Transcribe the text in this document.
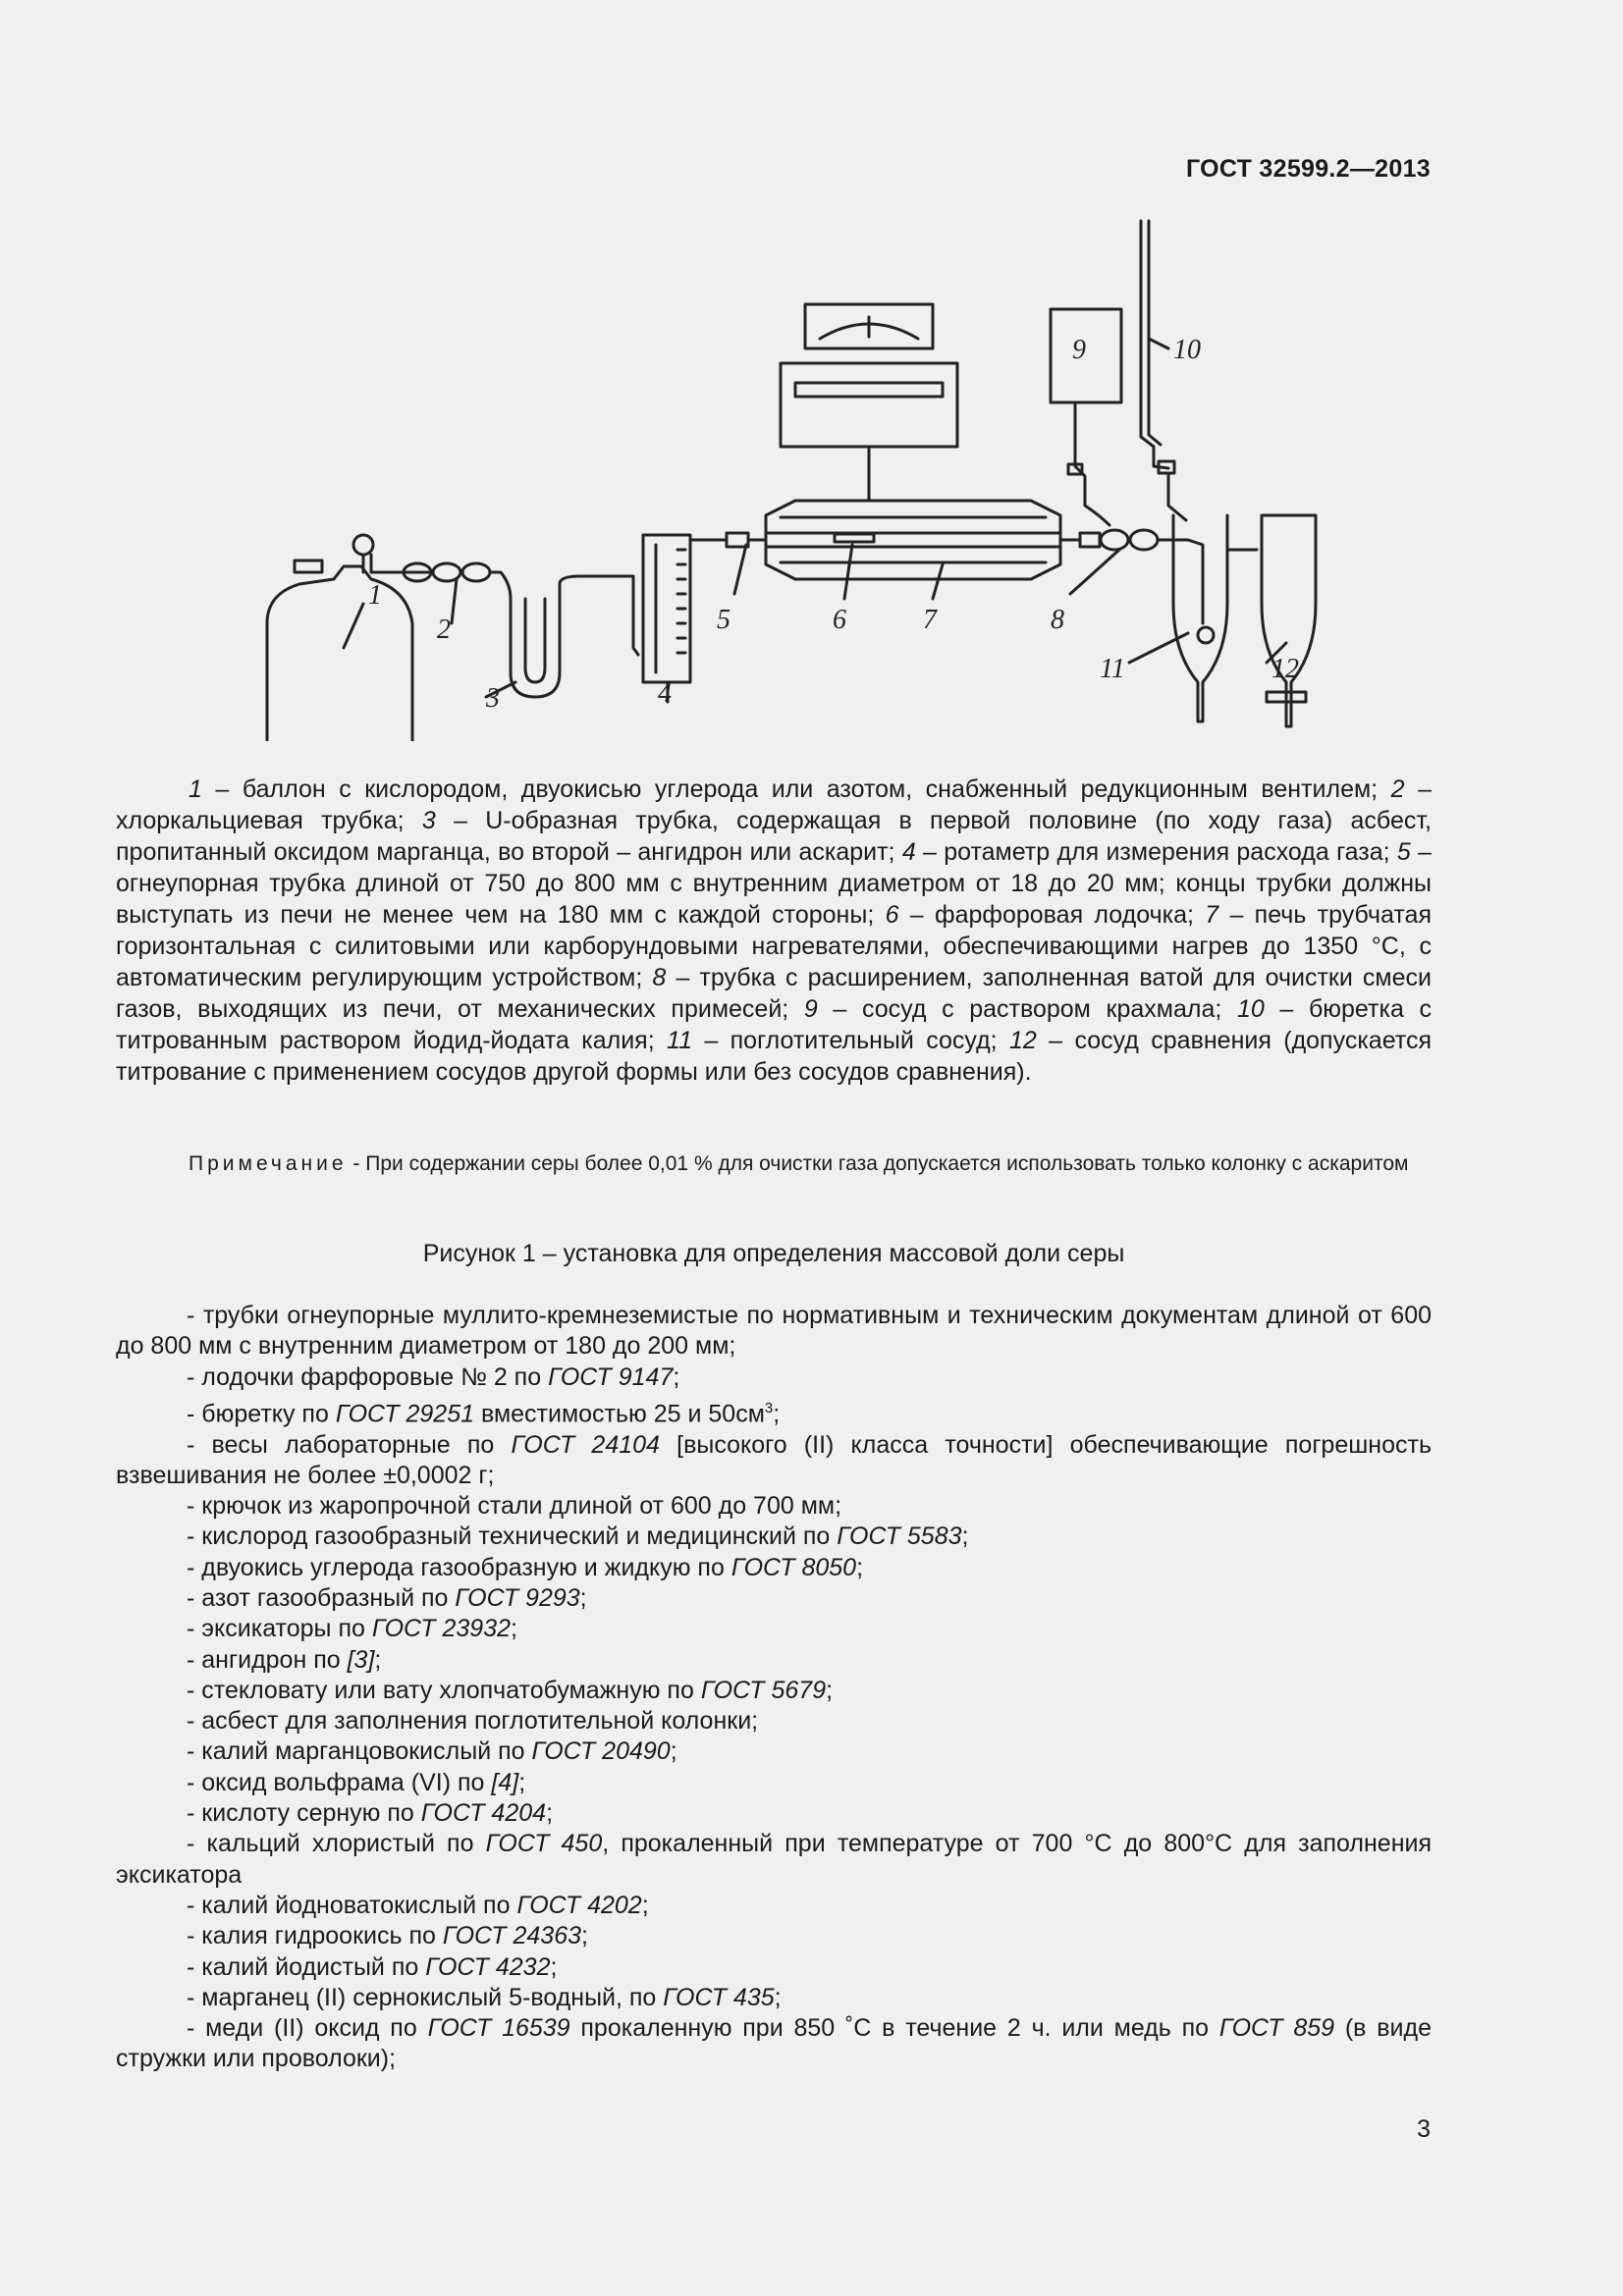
ГОСТ 32599.2—2013
1
2
3	4
5	6	7	8
9	10
11	12
1 – баллон с кислородом, двуокисью углерода или азотом, снабженный редукционным вентилем; 2 – хлоркальциевая трубка; 3 – U-образная трубка, содержащая в первой половине (по ходу газа) асбест, пропитанный оксидом марганца, во второй – ангидрон или аскарит; 4 – ротаметр для измерения расхода газа; 5 – огнеупорная трубка длиной от 750 до 800 мм с внутренним диаметром от 18 до 20 мм; концы трубки должны выступать из печи не менее чем на 180 мм с каждой стороны; 6 – фарфоровая лодочка; 7 – печь трубчатая горизонтальная с силитовыми или карборундовыми нагревателями, обеспечивающими нагрев до 1350 °С, с автоматическим регулирующим устройством; 8 – трубка с расширением, заполненная ватой для очистки смеси газов, выходящих из печи, от механических примесей; 9 – сосуд с раствором крахмала; 10 – бюретка с титрованным раствором йодид-йодата калия; 11 – поглотительный сосуд; 12 – сосуд сравнения (допускается титрование с применением сосудов другой формы или без сосудов сравнения).
Примечание - При содержании серы более 0,01 % для очистки газа допускается использовать только колонку с аскаритом
Рисунок 1 – установка для определения массовой доли серы
- трубки огнеупорные муллито-кремнеземистые по нормативным и техническим документам длиной от 600 до 800 мм с внутренним диаметром от 180 до 200 мм;
- лодочки фарфоровые № 2 по ГОСТ 9147;
- бюретку по ГОСТ 29251 вместимостью 25 и $50см^3$;
- весы лабораторные по ГОСТ 24104 [высокого (II) класса точности] обеспечивающие погрешность взвешивания не более ±0,0002 г;
- крючок из жаропрочной стали длиной от 600 до 700 мм;
- кислород газообразный технический и медицинский по ГОСТ 5583;
- двуокись углерода газообразную и жидкую по ГОСТ 8050;
- азот газообразный по ГОСТ 9293;
- эксикаторы по ГОСТ 23932;
- ангидрон по [3];
- стекловату или вату хлопчатобумажную по ГОСТ 5679;
- асбест для заполнения поглотительной колонки;
- калий марганцовокислый по ГОСТ 20490;
- оксид вольфрама (VI) по [4];
- кислоту серную по ГОСТ 4204;
- кальций хлористый по ГОСТ 450, прокаленный при температуре от 700 °С до 800°С для заполнения эксикатора
- калий йодноватокислый по ГОСТ 4202;
- калия гидроокись по ГОСТ 24363;
- калий йодистый по ГОСТ 4232;
- марганец (II) сернокислый 5-водный, по ГОСТ 435;
- меди (II) оксид по ГОСТ 16539 прокаленную при 850 ˚С в течение 2 ч. или медь по ГОСТ 859 (в виде стружки или проволоки);
3
